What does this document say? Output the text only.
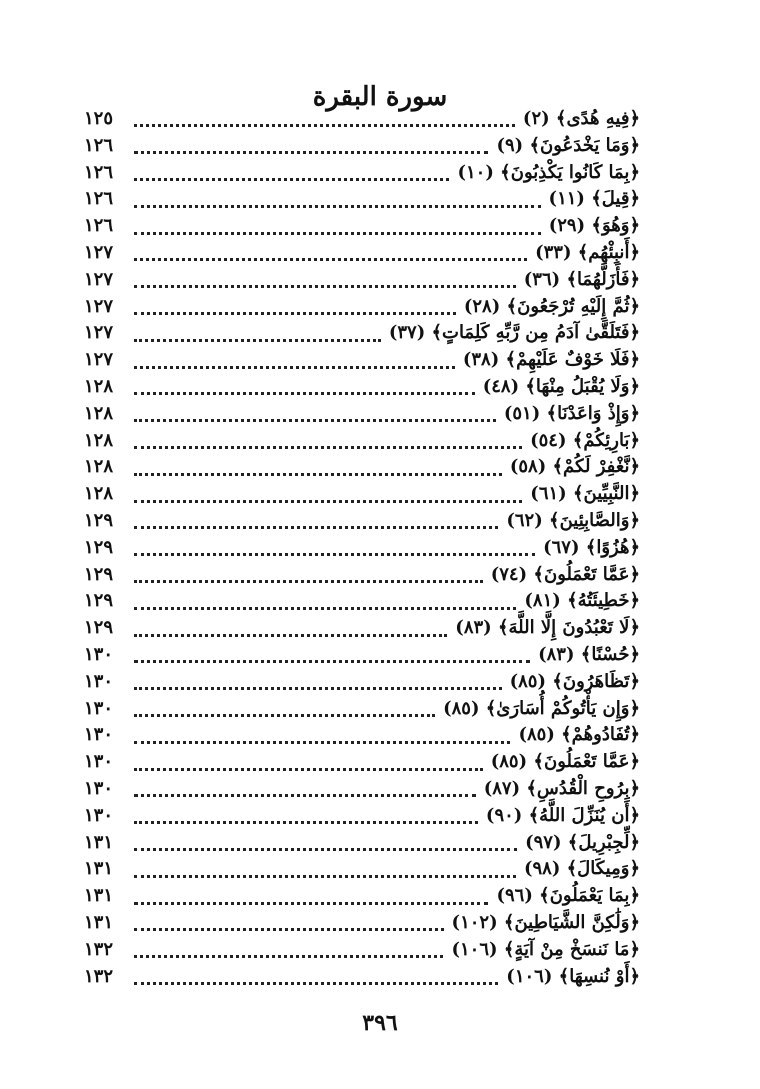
سورة البقرة
﴿فِيهِ هُدًى﴾ (٢)
١٢٥
﴿وَمَا يَخْدَعُونَ﴾ (٩)
١٢٦
﴿بِمَا كَانُوا يَكْذِبُونَ﴾ (١٠)
١٢٦
﴿قِيلَ﴾ (١١)
١٢٦
﴿وَهُوَ﴾ (٢٩)
١٢٦
﴿أَنبِئْهُم﴾ (٣٣)
١٢٧
﴿فَأَزَلَّهُمَا﴾ (٣٦)
١٢٧
﴿ثُمَّ إِلَيْهِ تُرْجَعُونَ﴾ (٢٨)
١٢٧
﴿فَتَلَقَّىٰ آدَمُ مِن رَّبِّهِ كَلِمَاتٍ﴾ (٣٧)
١٢٧
﴿فَلَا خَوْفٌ عَلَيْهِمْ﴾ (٣٨)
١٢٧
﴿وَلَا يُقْبَلُ مِنْهَا﴾ (٤٨)
١٢٨
﴿وَإِذْ وَاعَدْنَا﴾ (٥١)
١٢٨
﴿بَارِئِكُمْ﴾ (٥٤)
١٢٨
﴿نَّغْفِرْ لَكُمْ﴾ (٥٨)
١٢٨
﴿النَّبِيِّينَ﴾ (٦١)
١٢٨
﴿وَالصَّابِئِينَ﴾ (٦٢)
١٢٩
﴿هُزُوًا﴾ (٦٧)
١٢٩
﴿عَمَّا تَعْمَلُونَ﴾ (٧٤)
١٢٩
﴿خَطِيئَتُهُ﴾ (٨١)
١٢٩
﴿لَا تَعْبُدُونَ إِلَّا اللَّهَ﴾ (٨٣)
١٢٩
﴿حُسْنًا﴾ (٨٣)
١٣٠
﴿تَظَاهَرُونَ﴾ (٨٥)
١٣٠
﴿وَإِن يَأْتُوكُمْ أُسَارَىٰ﴾ (٨٥)
١٣٠
﴿تُفَادُوهُمْ﴾ (٨٥)
١٣٠
﴿عَمَّا تَعْمَلُونَ﴾ (٨٥)
١٣٠
﴿بِرُوحِ الْقُدُسِ﴾ (٨٧)
١٣٠
﴿أَن يُنَزِّلَ اللَّهُ﴾ (٩٠)
١٣٠
﴿لِّجِبْرِيلَ﴾ (٩٧)
١٣١
﴿وَمِيكَالَ﴾ (٩٨)
١٣١
﴿بِمَا يَعْمَلُونَ﴾ (٩٦)
١٣١
﴿وَلَٰكِنَّ الشَّيَاطِينَ﴾ (١٠٢)
١٣١
﴿مَا نَنسَخْ مِنْ آيَةٍ﴾ (١٠٦)
١٣٢
﴿أَوْ نُنسِهَا﴾ (١٠٦)
١٣٢
٣٩٦
